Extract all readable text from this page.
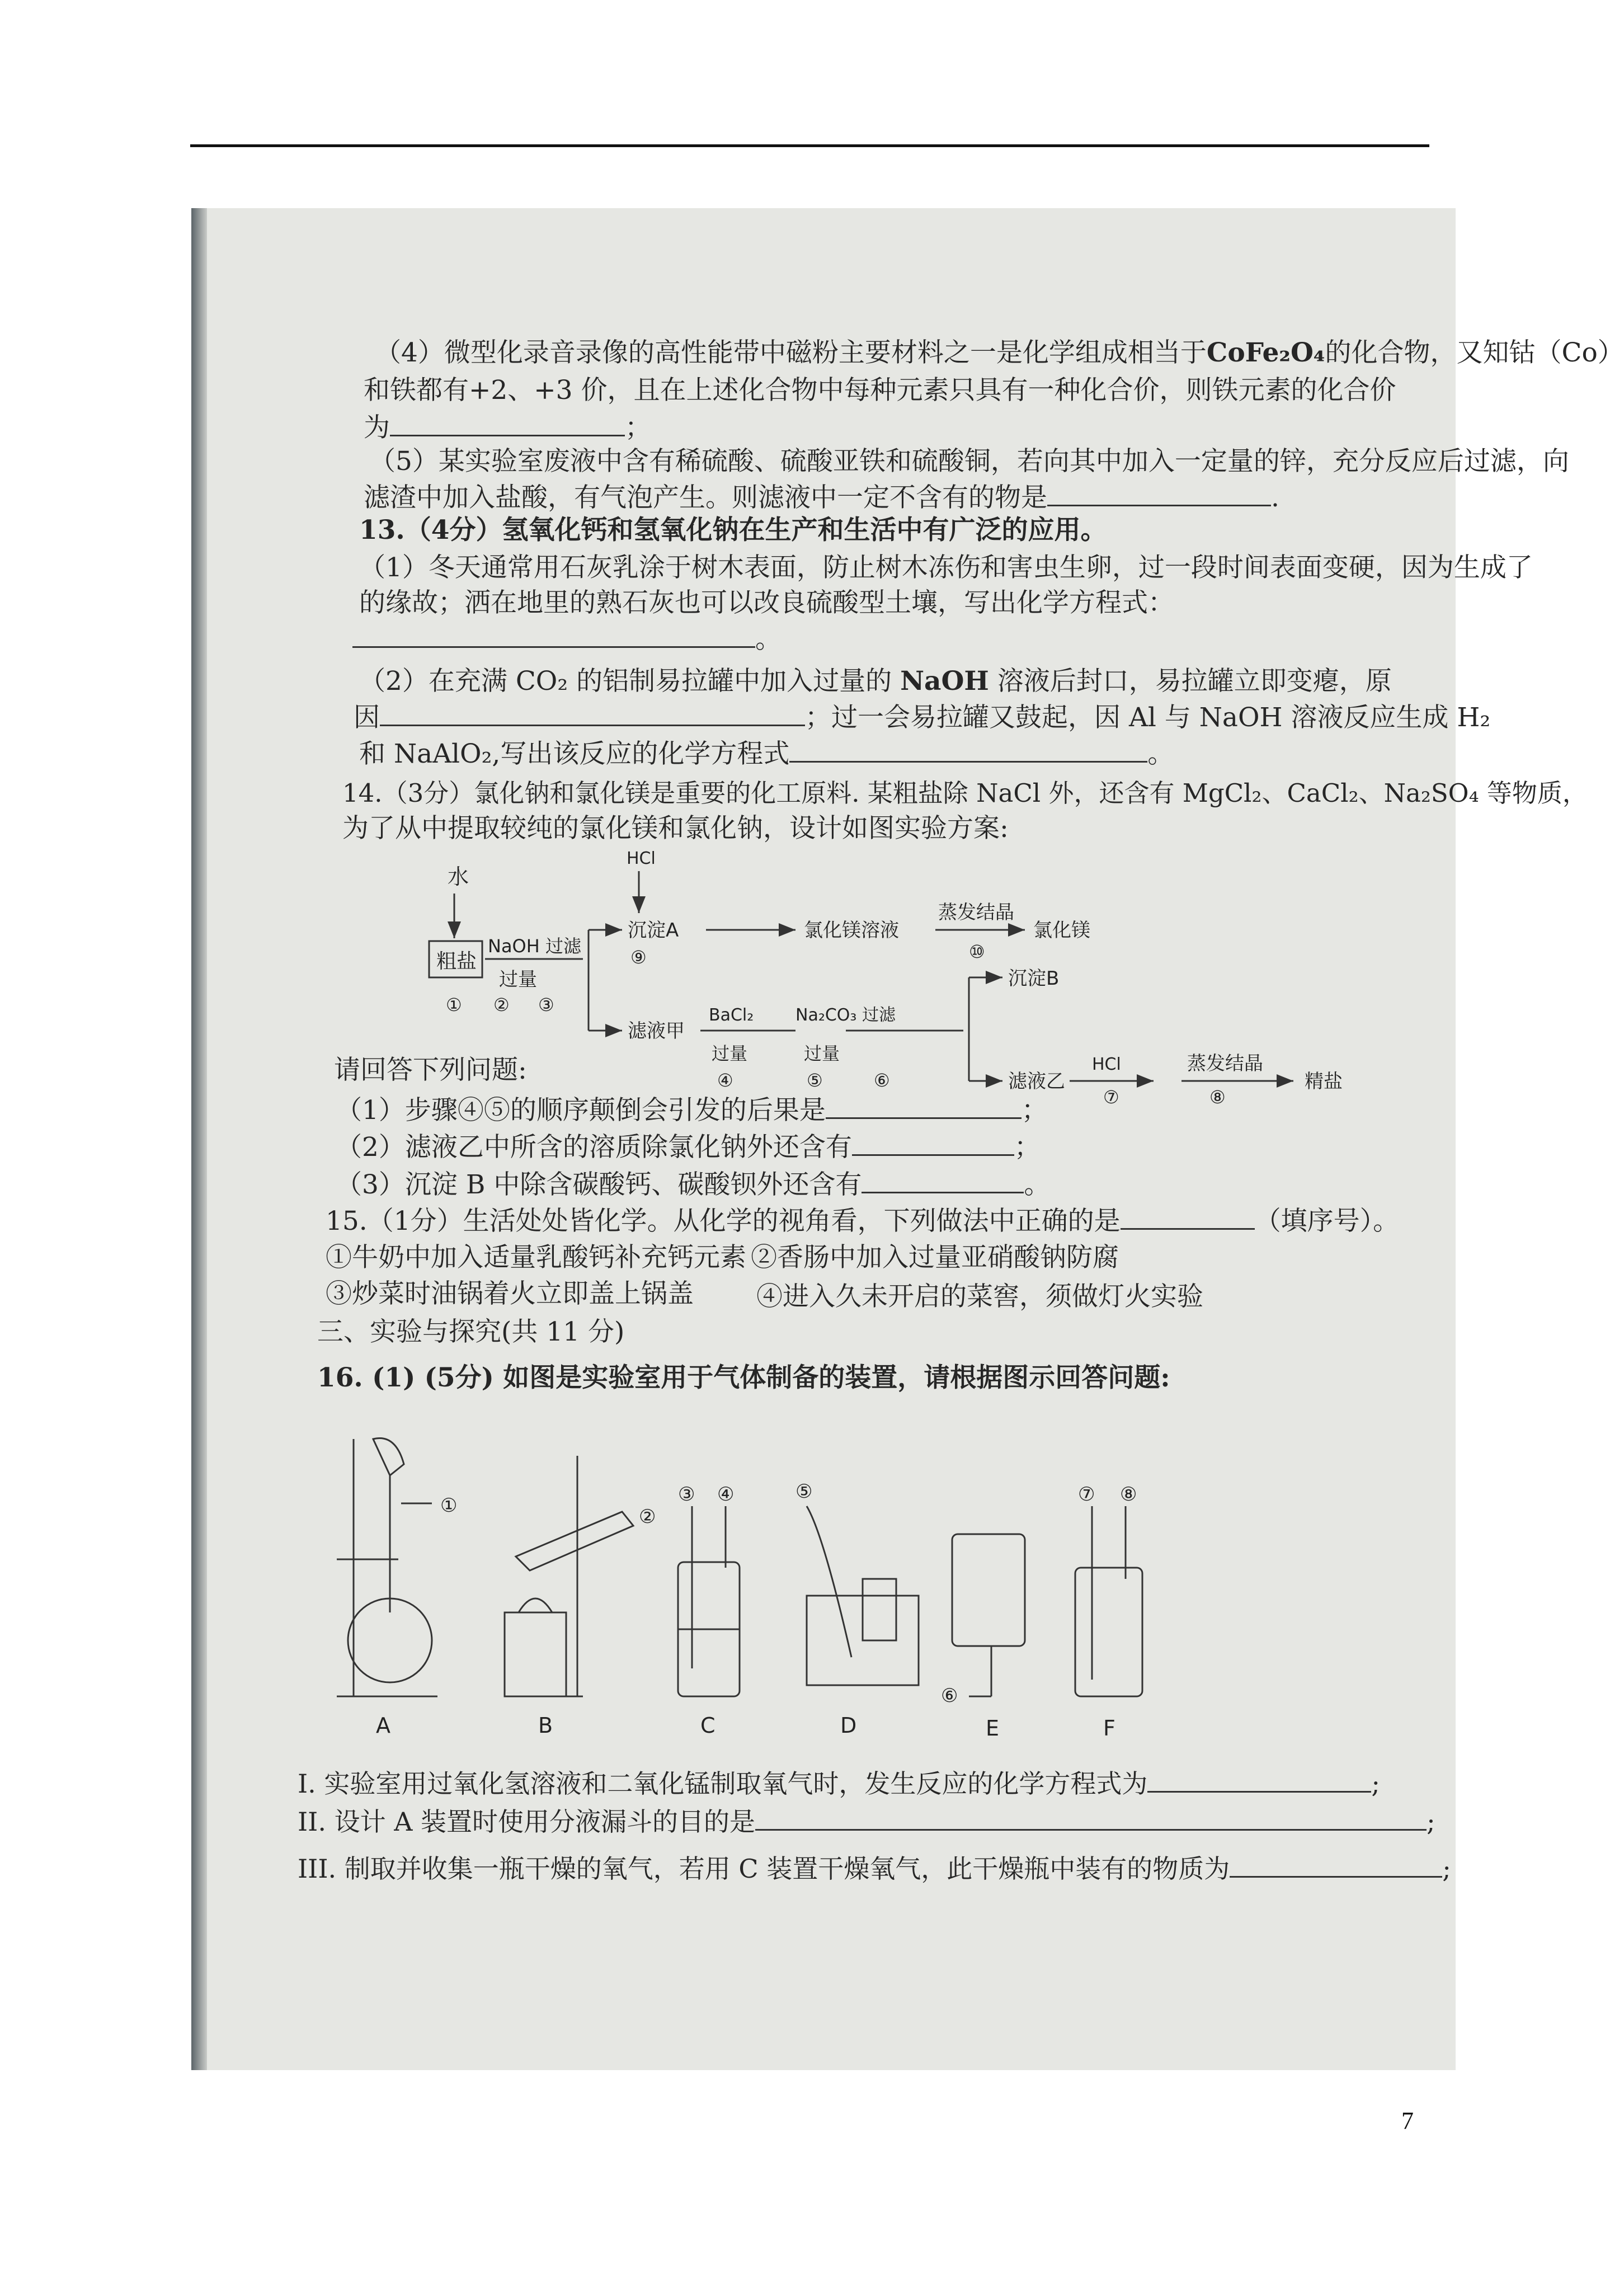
（4）微型化录音录像的高性能带中磁粉主要材料之一是化学组成相当于CoFe₂O₄的化合物，又知钴（Co）
和铁都有+2、+3 价，且在上述化合物中每种元素只具有一种化合价，则铁元素的化合价
为	；
（5）某实验室废液中含有稀硫酸、硫酸亚铁和硫酸铜，若向其中加入一定量的锌，充分反应后过滤，向
滤渣中加入盐酸，有气泡产生。则滤液中一定不含有的物是	.
13.（4分）氢氧化钙和氢氧化钠在生产和生活中有广泛的应用。
（1）冬天通常用石灰乳涂于树木表面，防止树木冻伤和害虫生卵，过一段时间表面变硬，因为生成了
的缘故；洒在地里的熟石灰也可以改良硫酸型土壤，写出化学方程式：
。
（2）在充满 CO₂ 的铝制易拉罐中加入过量的 NaOH 溶液后封口，易拉罐立即变瘪，原
因	；过一会易拉罐又鼓起，因 Al 与 NaOH 溶液反应生成 H₂
和 NaAlO₂,写出该反应的化学方程式	。
14.（3分）氯化钠和氯化镁是重要的化工原料. 某粗盐除 NaCl 外，还含有 MgCl₂、CaCl₂、Na₂SO₄ 等物质，
为了从中提取较纯的氯化镁和氯化钠，设计如图实验方案:
水
粗盐
NaOH 过滤
过量
HCl
沉淀A	氯化镁溶液
蒸发结晶
氯化镁
滤液甲
BaCl₂
过量
Na₂CO₃ 过滤
过量
沉淀B
滤液乙
HCl	蒸发结晶
精盐
① ② ③
④	⑤	⑥
⑦	⑧
⑨	⑩
请回答下列问题:
（1）步骤④⑤的顺序颠倒会引发的后果是	；
（2）滤液乙中所含的溶质除氯化钠外还含有	；
（3）沉淀 B 中除含碳酸钙、碳酸钡外还含有	。
15.（1分）生活处处皆化学。从化学的视角看，下列做法中正确的是	（填序号）。
①牛奶中加入适量乳酸钙补充钙元素 ②香肠中加入过量亚硝酸钠防腐
③炒菜时油锅着火立即盖上锅盖 ④进入久未开启的菜窖，须做灯火实验
三、实验与探究(共 11 分)
16. (1) (5分) 如图是实验室用于气体制备的装置，请根据图示回答问题:
A	B	C	D	E	F
①	②
③ ④	⑤
⑥
⑦ ⑧
I. 实验室用过氧化氢溶液和二氧化锰制取氧气时，发生反应的化学方程式为	;
II. 设计 A 装置时使用分液漏斗的目的是	;
III. 制取并收集一瓶干燥的氧气，若用 C 装置干燥氧气，此干燥瓶中装有的物质为	;
7
